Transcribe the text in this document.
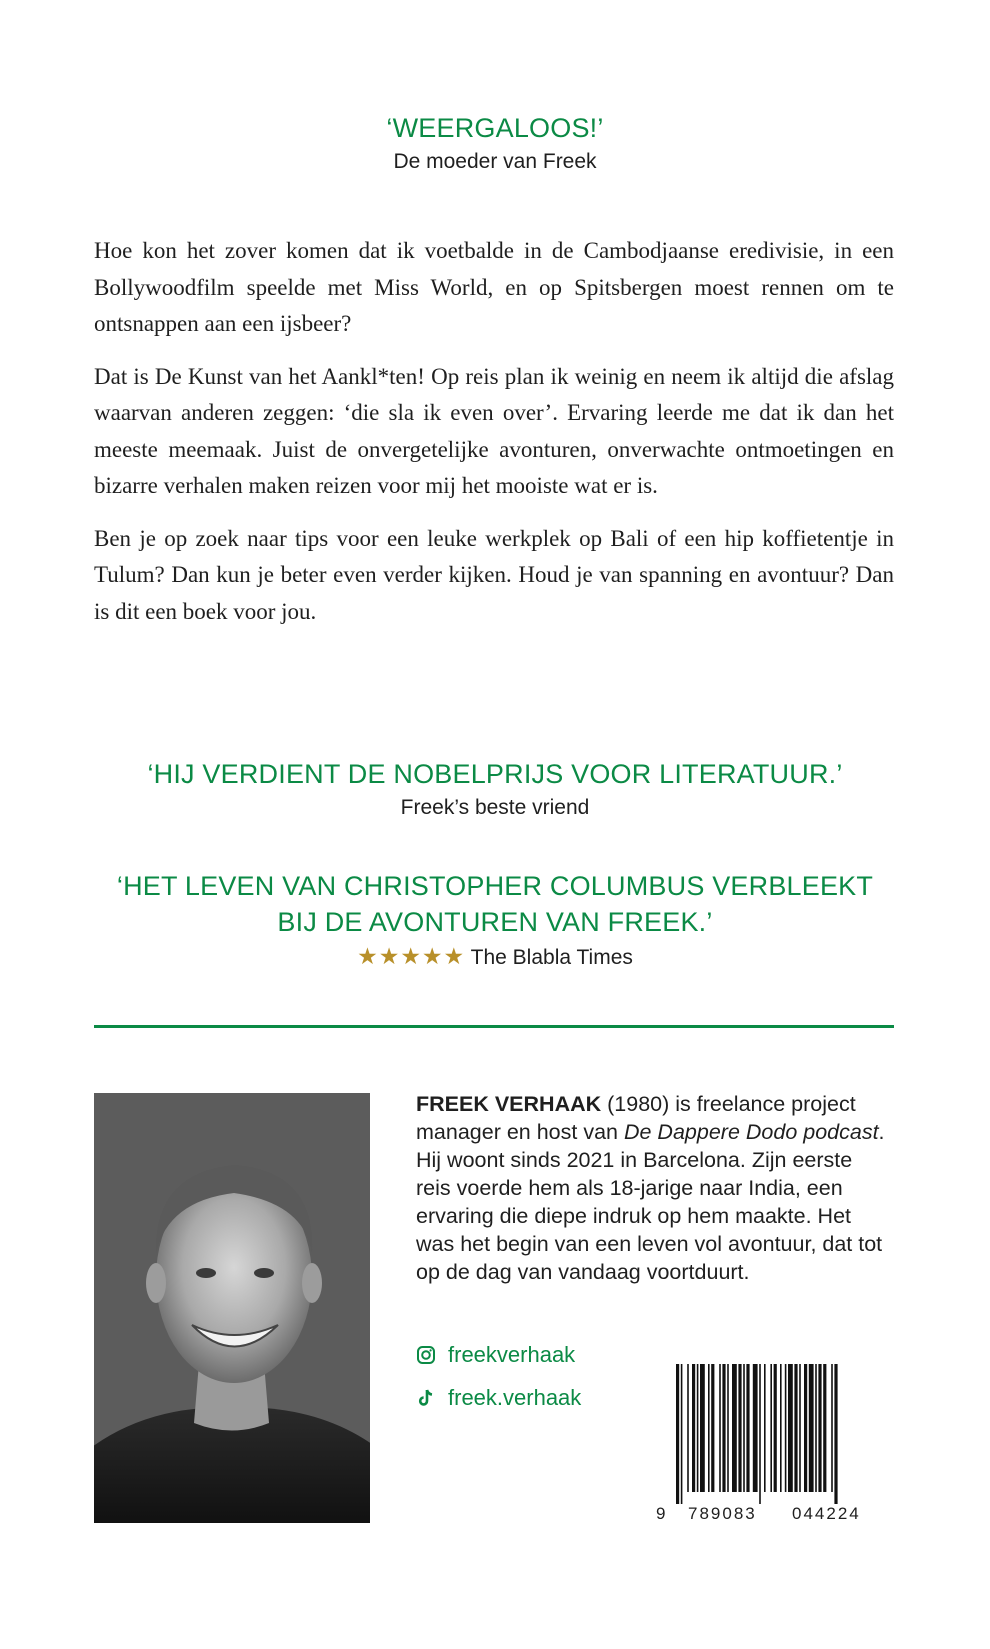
‘WEERGALOOS!’
De moeder van Freek

Hoe kon het zover komen dat ik voetbalde in de Cambodjaanse eredivisie, in een Bollywoodfilm speelde met Miss World, en op Spitsbergen moest rennen om te ontsnappen aan een ijsbeer?

Dat is De Kunst van het Aankl*ten! Op reis plan ik weinig en neem ik altijd die afslag waarvan anderen zeggen: ‘die sla ik even over’. Ervaring leerde me dat ik dan het meeste meemaak. Juist de onvergetelijke avonturen, onverwachte ontmoetingen en bizarre verhalen maken reizen voor mij het mooiste wat er is.

Ben je op zoek naar tips voor een leuke werkplek op Bali of een hip koffietentje in Tulum? Dan kun je beter even verder kijken. Houd je van spanning en avontuur? Dan is dit een boek voor jou.

‘HIJ VERDIENT DE NOBELPRIJS VOOR LITERATUUR.’
Freek’s beste vriend
‘HET LEVEN VAN CHRISTOPHER COLUMBUS VERBLEEKT
BIJ DE AVONTUREN VAN FREEK.’
★★★★★ The Blabla Times
FREEK VERHAAK (1980) is freelance project manager en host van De Dappere Dodo podcast. Hij woont sinds 2021 in Barcelona. Zijn eerste reis voerde hem als 18-jarige naar India, een ervaring die diepe indruk op hem maakte. Het was het begin van een leven vol avontuur, dat tot op de dag van vandaag voortduurt.
freekverhaak
freek.verhaak
9 789083 044224
